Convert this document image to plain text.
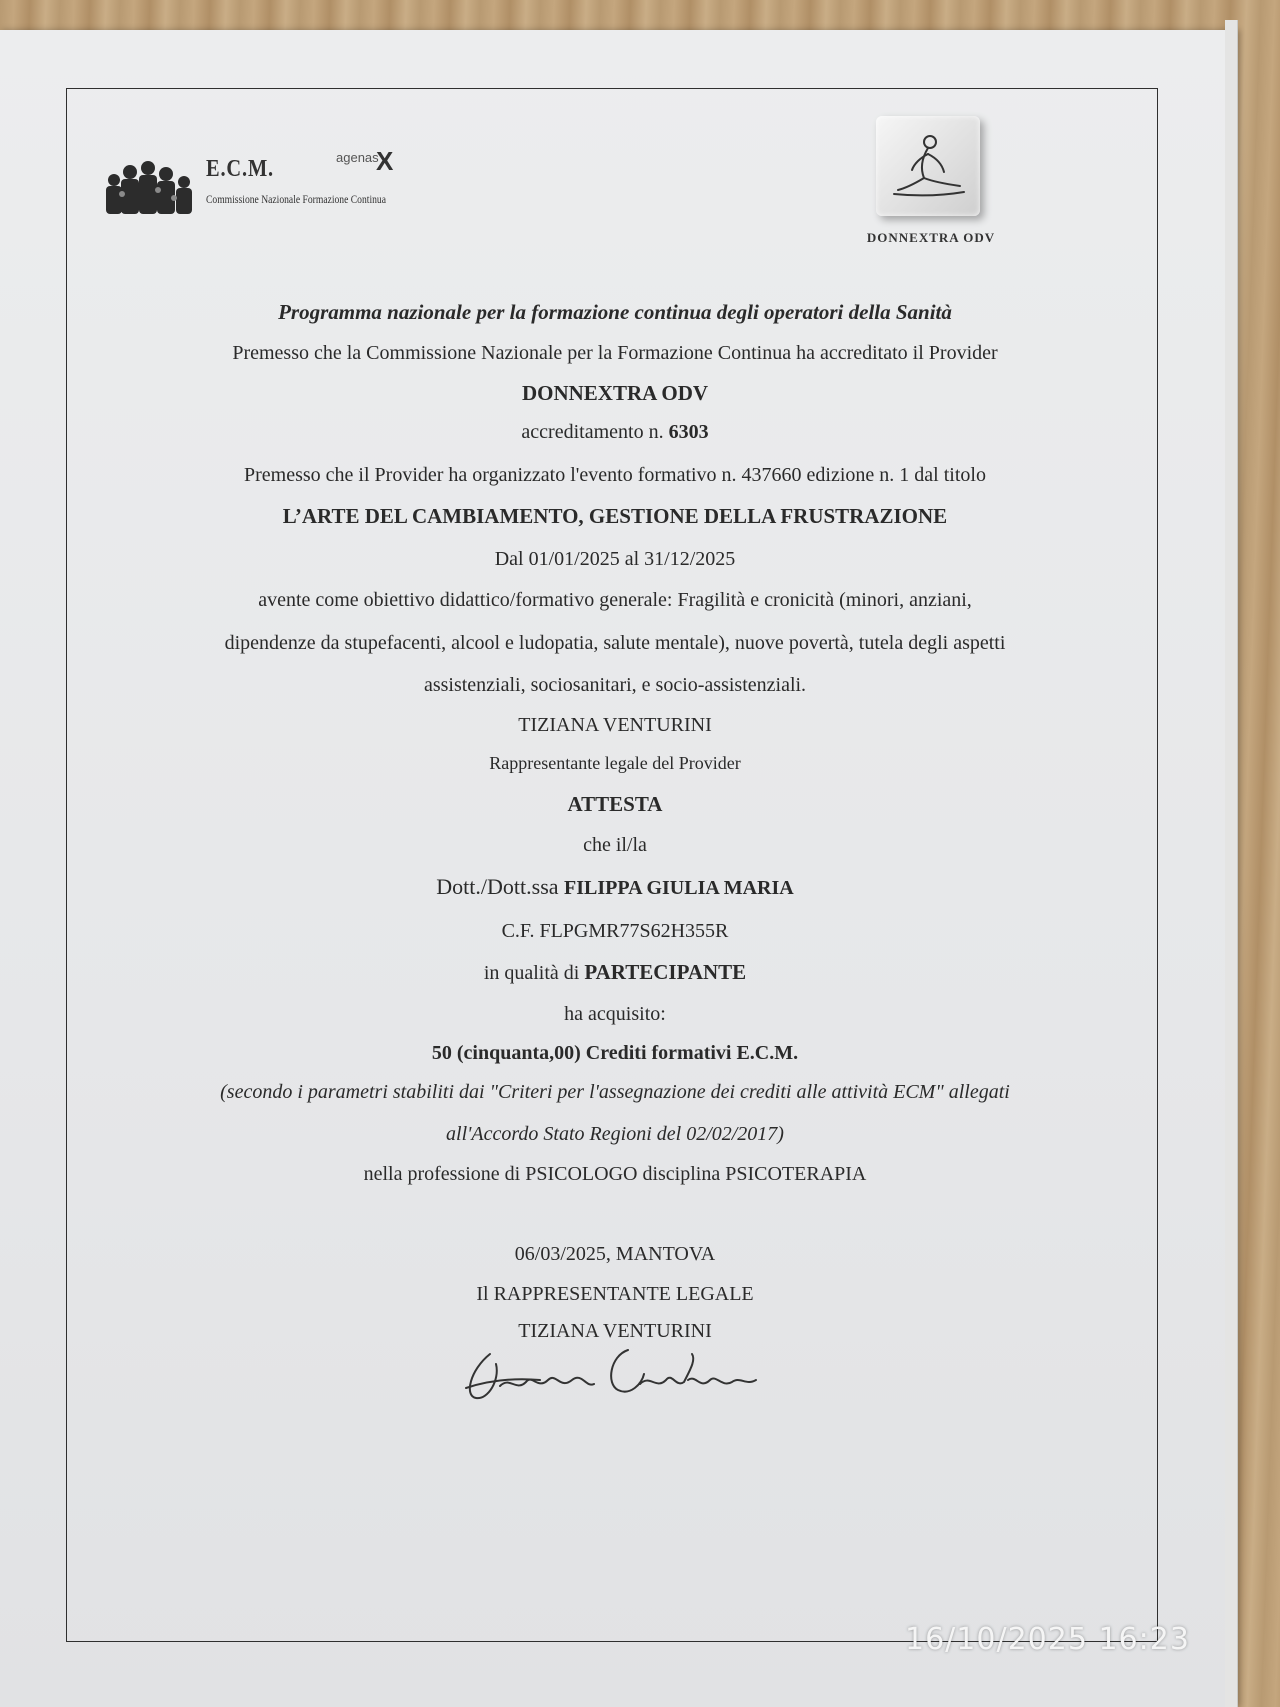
E.C.M.
Commissione Nazionale Formazione Continua
agenas
X
DONNEXTRA ODV
Programma nazionale per la formazione continua degli operatori della Sanità
Premesso che la Commissione Nazionale per la Formazione Continua ha accreditato il Provider
DONNEXTRA ODV
accreditamento n. 6303
Premesso che il Provider ha organizzato l'evento formativo n. 437660 edizione n. 1 dal titolo
L’ARTE DEL CAMBIAMENTO, GESTIONE DELLA FRUSTRAZIONE
Dal 01/01/2025 al 31/12/2025
avente come obiettivo didattico/formativo generale: Fragilità e cronicità (minori, anziani,
dipendenze da stupefacenti, alcool e ludopatia, salute mentale), nuove povertà, tutela degli aspetti
assistenziali, sociosanitari, e socio-assistenziali.
TIZIANA VENTURINI
Rappresentante legale del Provider
ATTESTA
che il/la
Dott./Dott.ssa FILIPPA GIULIA MARIA
C.F. FLPGMR77S62H355R
in qualità di PARTECIPANTE
ha acquisito:
50 (cinquanta,00) Crediti formativi E.C.M.
(secondo i parametri stabiliti dai "Criteri per l'assegnazione dei crediti alle attività ECM" allegati
all'Accordo Stato Regioni del 02/02/2017)
nella professione di PSICOLOGO disciplina PSICOTERAPIA
06/03/2025, MANTOVA
Il RAPPRESENTANTE LEGALE
TIZIANA VENTURINI
16/10/2025 16:23
